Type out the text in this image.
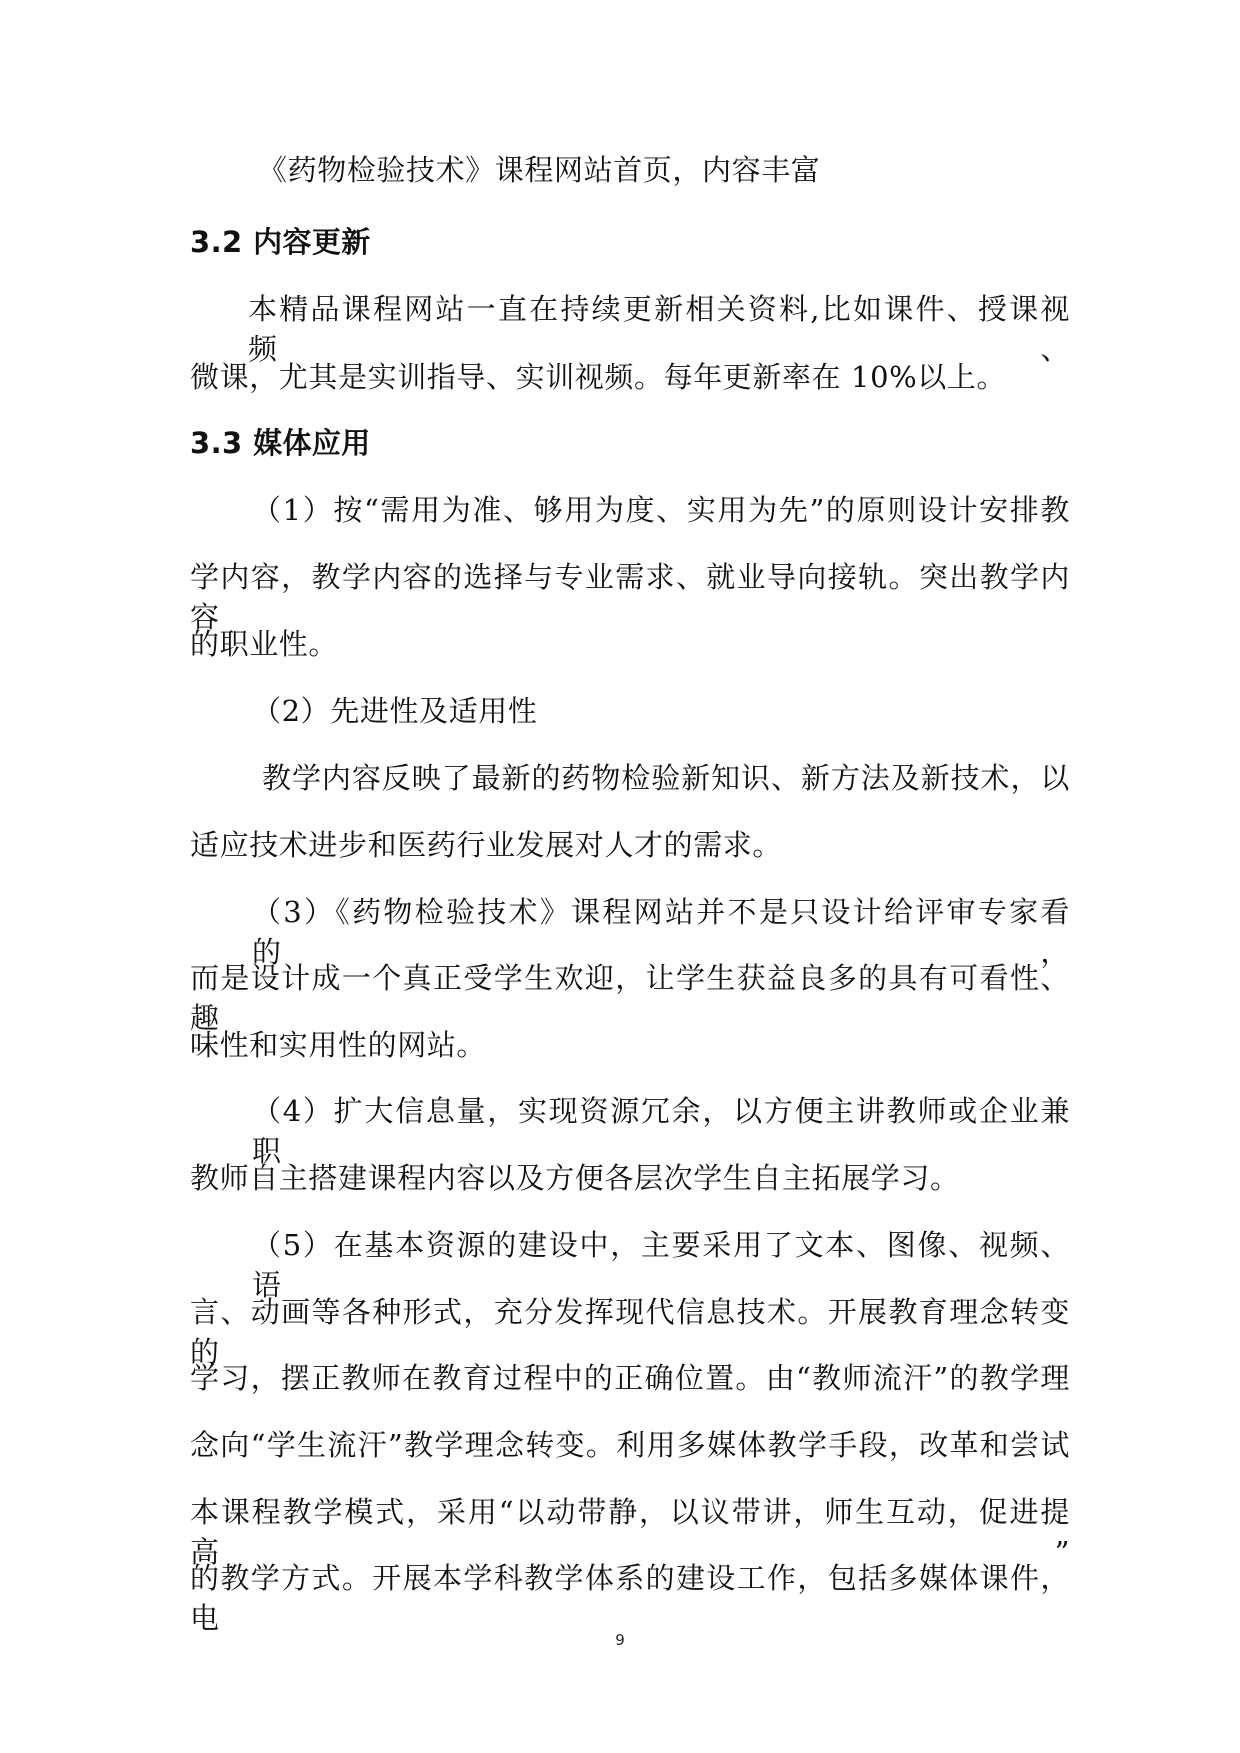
《药物检验技术》课程网站首页，内容丰富
3.2 内容更新
本精品课程网站一直在持续更新相关资料,比如课件、授课视频、
微课，尤其是实训指导、实训视频。每年更新率在 10%以上。
3.3 媒体应用
（1）按“需用为准、够用为度、实用为先”的原则设计安排教
学内容，教学内容的选择与专业需求、就业导向接轨。突出教学内容
的职业性。
（2）先进性及适用性
教学内容反映了最新的药物检验新知识、新方法及新技术，以
适应技术进步和医药行业发展对人才的需求。
（3）《药物检验技术》课程网站并不是只设计给评审专家看的，
而是设计成一个真正受学生欢迎，让学生获益良多的具有可看性、趣
味性和实用性的网站。
（4）扩大信息量，实现资源冗余，以方便主讲教师或企业兼职
教师自主搭建课程内容以及方便各层次学生自主拓展学习。
（5）在基本资源的建设中，主要采用了文本、图像、视频、语
言、动画等各种形式，充分发挥现代信息技术。开展教育理念转变的
学习，摆正教师在教育过程中的正确位置。由“教师流汗”的教学理
念向“学生流汗”教学理念转变。利用多媒体教学手段，改革和尝试
本课程教学模式，采用“以动带静，以议带讲，师生互动，促进提高”
的教学方式。开展本学科教学体系的建设工作，包括多媒体课件，电
9
